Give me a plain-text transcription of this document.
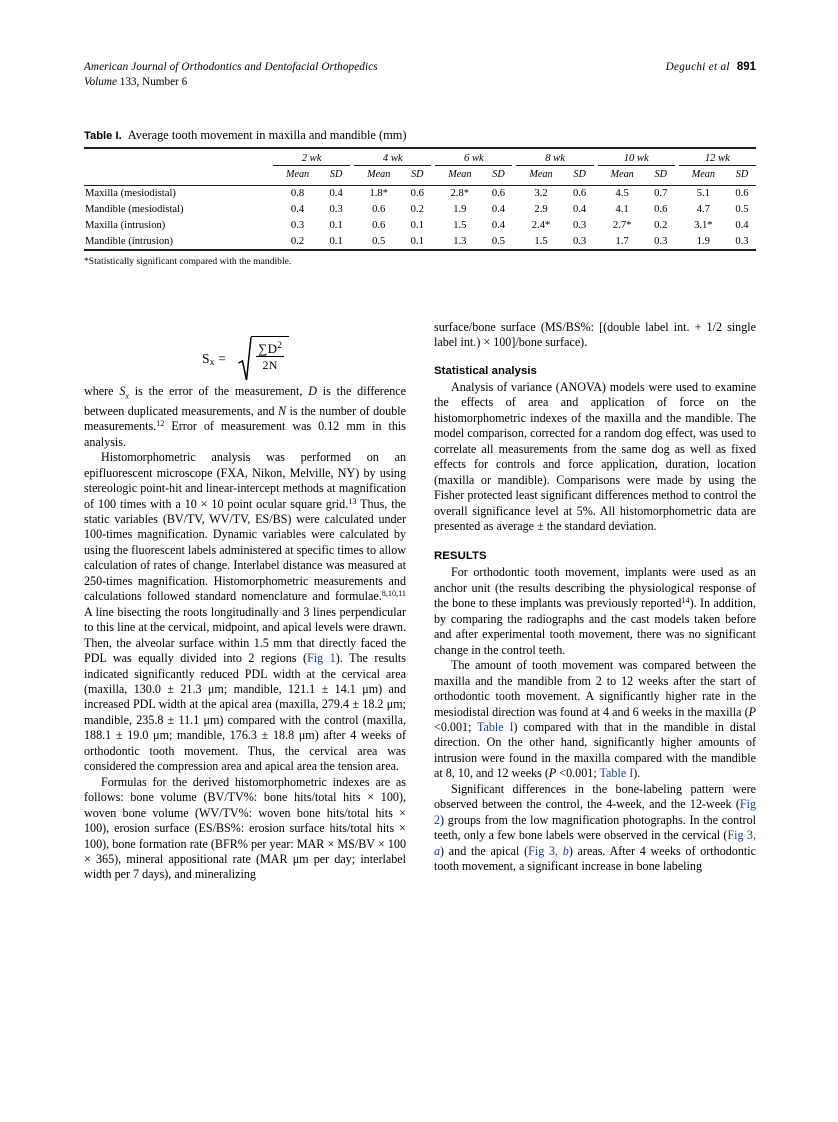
American Journal of Orthodontics and Dentofacial Orthopedics
Volume 133, Number 6
Deguchi et al 891
Table I. Average tooth movement in maxilla and mandible (mm)
	2 wk			4 wk			6 wk			8 wk			10 wk			12 wk	
	Mean	SD		Mean	SD		Mean	SD		Mean	SD		Mean	SD		Mean	SD
Maxilla (mesiodistal)	0.8	0.4		1.8*	0.6		2.8*	0.6		3.2	0.6		4.5	0.7		5.1	0.6
Mandible (mesiodistal)	0.4	0.3		0.6	0.2		1.9	0.4		2.9	0.4		4.1	0.6		4.7	0.5
Maxilla (intrusion)	0.3	0.1		0.6	0.1		1.5	0.4		2.4*	0.3		2.7*	0.2		3.1*	0.4
Mandible (intrusion)	0.2	0.1		0.5	0.1		1.3	0.5		1.5	0.3		1.7	0.3		1.9	0.3
*Statistically significant compared with the mandible.
$S_x = \frac{\sum D^2}{2N}$

where $S_x$ is the error of the measurement, D is the difference between duplicated measurements, and N is the number of double measurements.$^{12}$ Error of measurement was 0.12 mm in this analysis.

Histomorphometric analysis was performed on an epifluorescent microscope (FXA, Nikon, Melville, NY) by using stereologic point-hit and linear-intercept methods at magnification of 100 times with a 10 × 10 point ocular square grid.$^{13}$ Thus, the static variables (BV/TV, WV/TV, ES/BS) were calculated under 100-times magnification. Dynamic variables were calculated by using the fluorescent labels administered at specific times to allow calculation of rates of change. Interlabel distance was measured at 250-times magnification. Histomorphometric measurements and calculations followed standard nomenclature and formulae.$^{8,10,11}$ A line bisecting the roots longitudinally and 3 lines perpendicular to this line at the cervical, midpoint, and apical levels were drawn. Then, the alveolar surface within 1.5 mm that directly faced the PDL was equally divided into 2 regions (Fig 1). The results indicated significantly reduced PDL width at the cervical area (maxilla, 130.0 ± 21.3 μm; mandible, 121.1 ± 14.1 μm) and increased PDL width at the apical area (maxilla, 279.4 ± 18.2 μm; mandible, 235.8 ± 11.1 μm) compared with the control (maxilla, 188.1 ± 19.0 μm; mandible, 176.3 ± 18.8 μm) after 4 weeks of orthodontic tooth movement. Thus, the cervical area was considered the compression area and apical area the tension area.

Formulas for the derived histomorphometric indexes are as follows: bone volume (BV/TV%: bone hits/total hits × 100), woven bone volume (WV/TV%: woven bone hits/total hits × 100), erosion surface (ES/BS%: erosion surface hits/total hits × 100), bone formation rate (BFR% per year: MAR × MS/BV × 100 × 365), mineral appositional rate (MAR μm per day; interlabel width per 7 days), and mineralizing

surface/bone surface (MS/BS%: [(double label int. + 1/2 single label int.) × 100]/bone surface).

Statistical analysis

Analysis of variance (ANOVA) models were used to examine the effects of area and application of force on the histomorphometric indexes of the maxilla and the mandible. The model comparison, corrected for a random dog effect, was used to correlate all measurements from the same dog as well as fixed effects for controls and force application, duration, location (maxilla or mandible). Comparisons were made by using the Fisher protected least significant differences method to control the overall significance level at 5%. All histomorphometric data are presented as average ± the standard deviation.

RESULTS

For orthodontic tooth movement, implants were used as an anchor unit (the results describing the physiological response of the bone to these implants was previously reported$^{14}$). In addition, by comparing the radiographs and the cast models taken before and after experimental tooth movement, there was no significant change in the control teeth.

The amount of tooth movement was compared between the maxilla and the mandible from 2 to 12 weeks after the start of orthodontic tooth movement. A significantly higher rate in the mesiodistal direction was found at 4 and 6 weeks in the maxilla (P <0.001; Table I) compared with that in the mandible in distal direction. On the other hand, significantly higher amounts of intrusion were found in the maxilla compared with the mandible at 8, 10, and 12 weeks (P <0.001; Table I).

Significant differences in the bone-labeling pattern were observed between the control, the 4-week, and the 12-week (Fig 2) groups from the low magnification photographs. In the control teeth, only a few bone labels were observed in the cervical (Fig 3, a) and the apical (Fig 3, b) areas. After 4 weeks of orthodontic tooth movement, a significant increase in bone labeling
